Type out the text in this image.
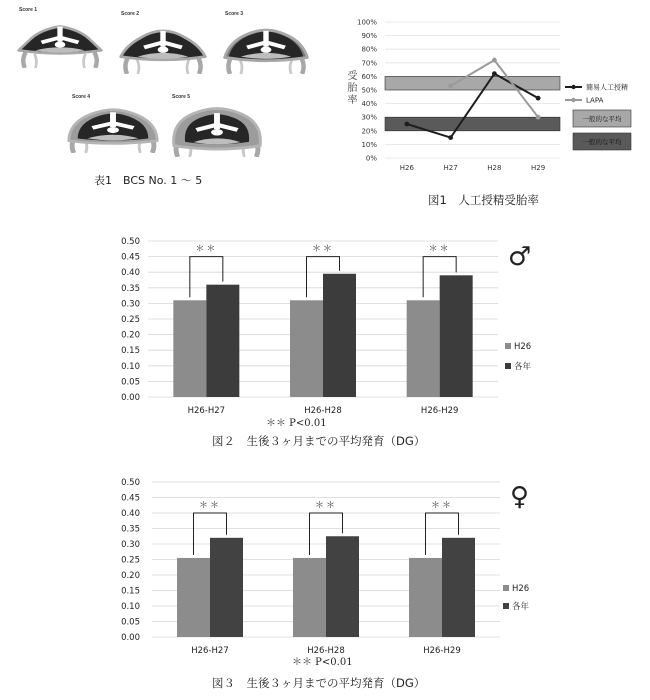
Score 1
Score 2	Score 3
Score 4	Score 5
表1　BCS No. 1 〜 5
受胎率
0%
10%
20%
30%
40%
50%
60%
70%
80%
90%
100%
H26	H27	H28	H29
簡易人工授精
LAPA
一般的な平均
一般的な平均
図1　人工授精受胎率
0.00
0.05
0.10
0.15
0.20
0.25
0.30
0.35
0.40
0.45
0.50
＊＊
H26-H27
＊＊
H26-H28
＊＊
H26-H29
H26
各年
♂
＊＊ P<0.01
図２　生後３ヶ月までの平均発育（DG）
0.00
0.05
0.10
0.15
0.20
0.25
0.30
0.35
0.40
0.45
0.50
＊＊
H26-H27
＊＊
H26-H28
＊＊
H26-H29
H26
各年
♀
＊＊ P<0.01
図３　生後３ヶ月までの平均発育（DG）
